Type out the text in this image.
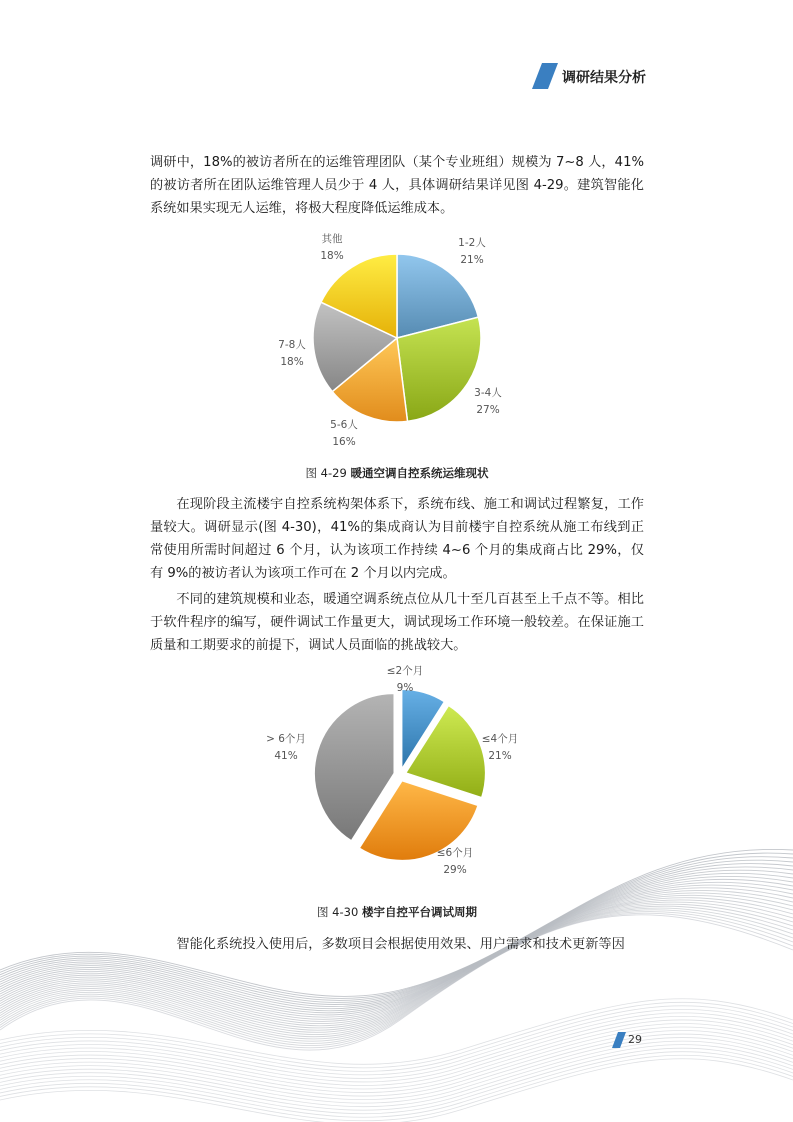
调研结果分析

调研中，18%的被访者所在的运维管理团队（某个专业班组）规模为 7~8 人，41%的被访者所在团队运维管理人员少于 4 人，具体调研结果详见图 4-29。建筑智能化系统如果实现无人运维，将极大程度降低运维成本。

1-2人
21%
3-4人
27%
5-6人
16%
7-8人
18%
其他
18%
图 4-29 暖通空调自控系统运维现状

在现阶段主流楼宇自控系统构架体系下，系统布线、施工和调试过程繁复，工作量较大。调研显示(图 4-30)，41%的集成商认为目前楼宇自控系统从施工布线到正常使用所需时间超过 6 个月，认为该项工作持续 4~6 个月的集成商占比 29%，仅有 9%的被访者认为该项工作可在 2 个月以内完成。

不同的建筑规模和业态，暖通空调系统点位从几十至几百甚至上千点不等。相比于软件程序的编写，硬件调试工作量更大，调试现场工作环境一般较差。在保证施工质量和工期要求的前提下，调试人员面临的挑战较大。

≤2个月
9%
≤4个月
21%
≤6个月
29%
> 6个月
41%
图 4-30 楼宇自控平台调试周期

智能化系统投入使用后，多数项目会根据使用效果、用户需求和技术更新等因

29
